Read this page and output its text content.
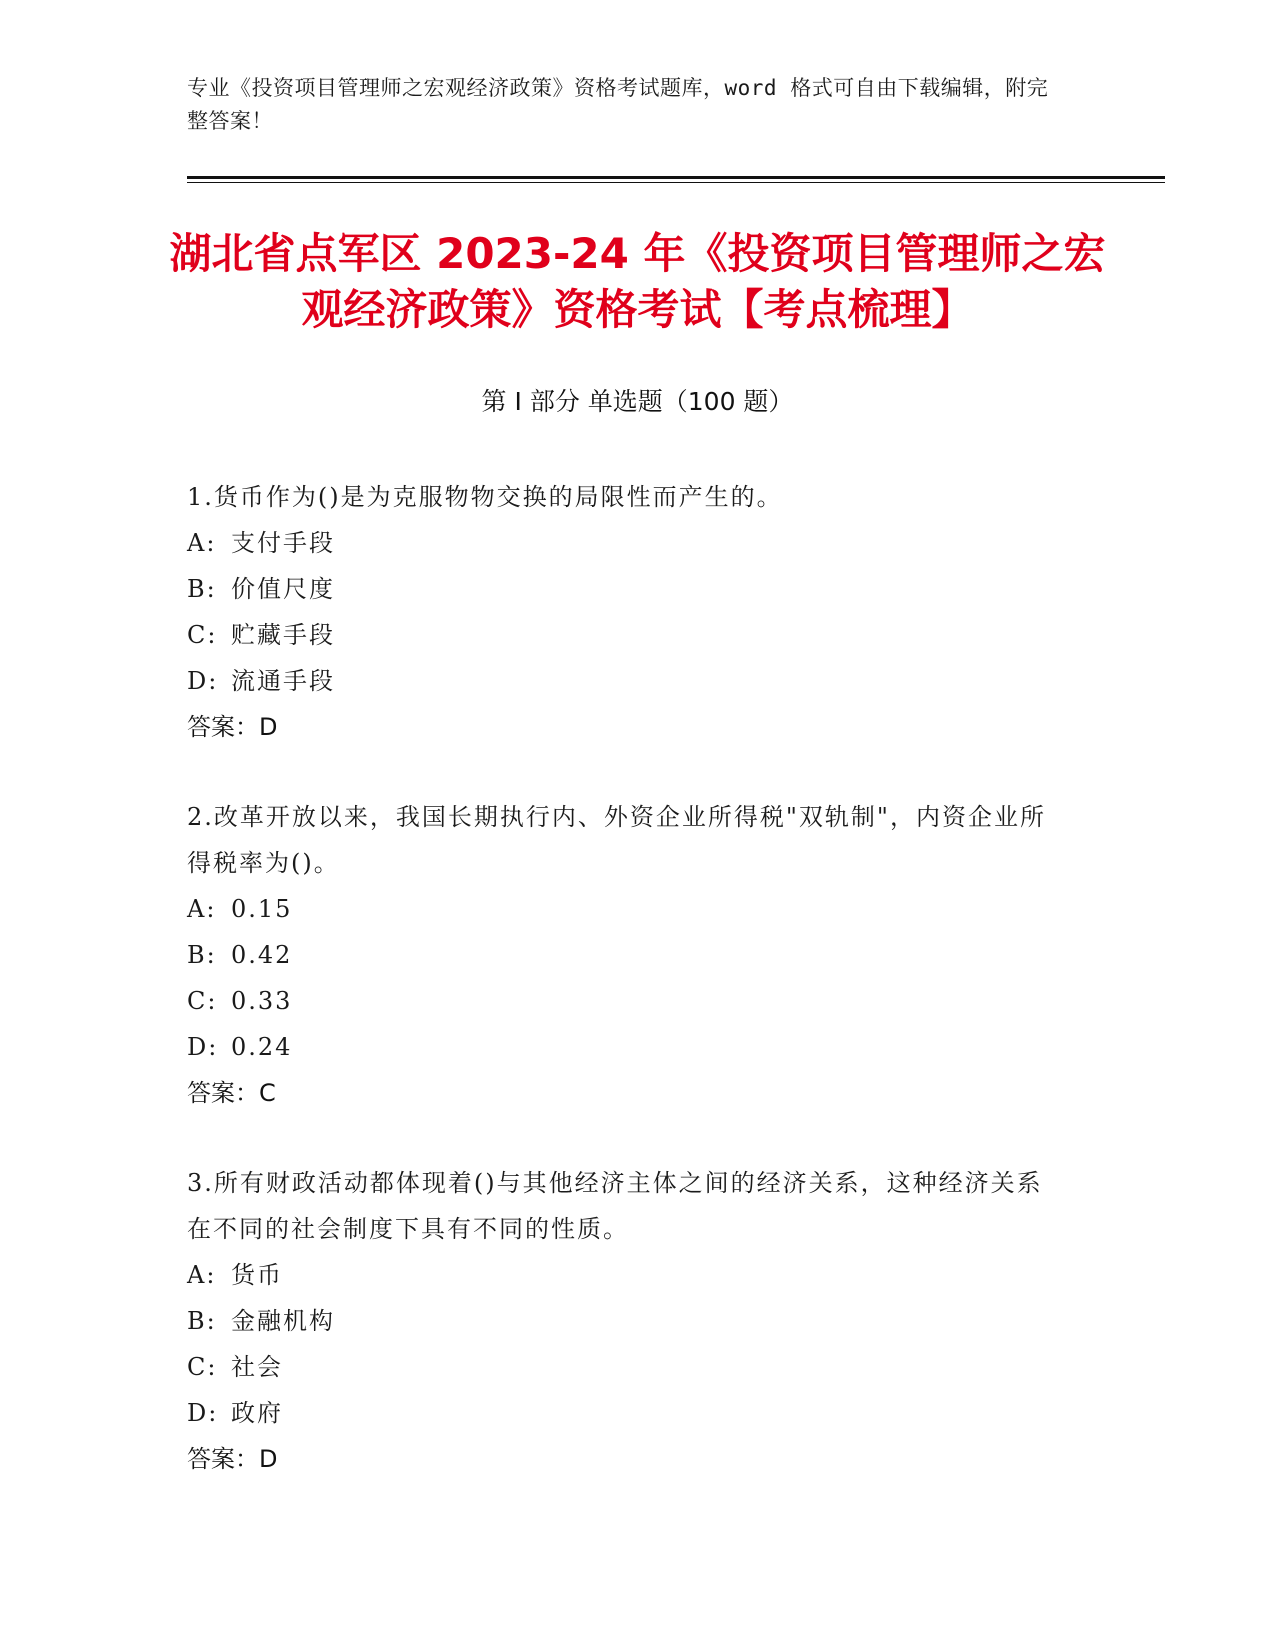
专业《投资项目管理师之宏观经济政策》资格考试题库，word 格式可自由下载编辑，附完整答案！
湖北省点军区 2023-24 年《投资项目管理师之宏观经济政策》资格考试【考点梳理】
第 I 部分 单选题（100 题）

1.货币作为()是为克服物物交换的局限性而产生的。

A: 支付手段

B: 价值尺度

C: 贮藏手段

D: 流通手段

答案：D

2.改革开放以来，我国长期执行内、外资企业所得税"双轨制"，内资企业所得税率为()。

A: 0.15

B: 0.42

C: 0.33

D: 0.24

答案：C

3.所有财政活动都体现着()与其他经济主体之间的经济关系，这种经济关系在不同的社会制度下具有不同的性质。

A: 货币

B: 金融机构

C: 社会

D: 政府

答案：D
